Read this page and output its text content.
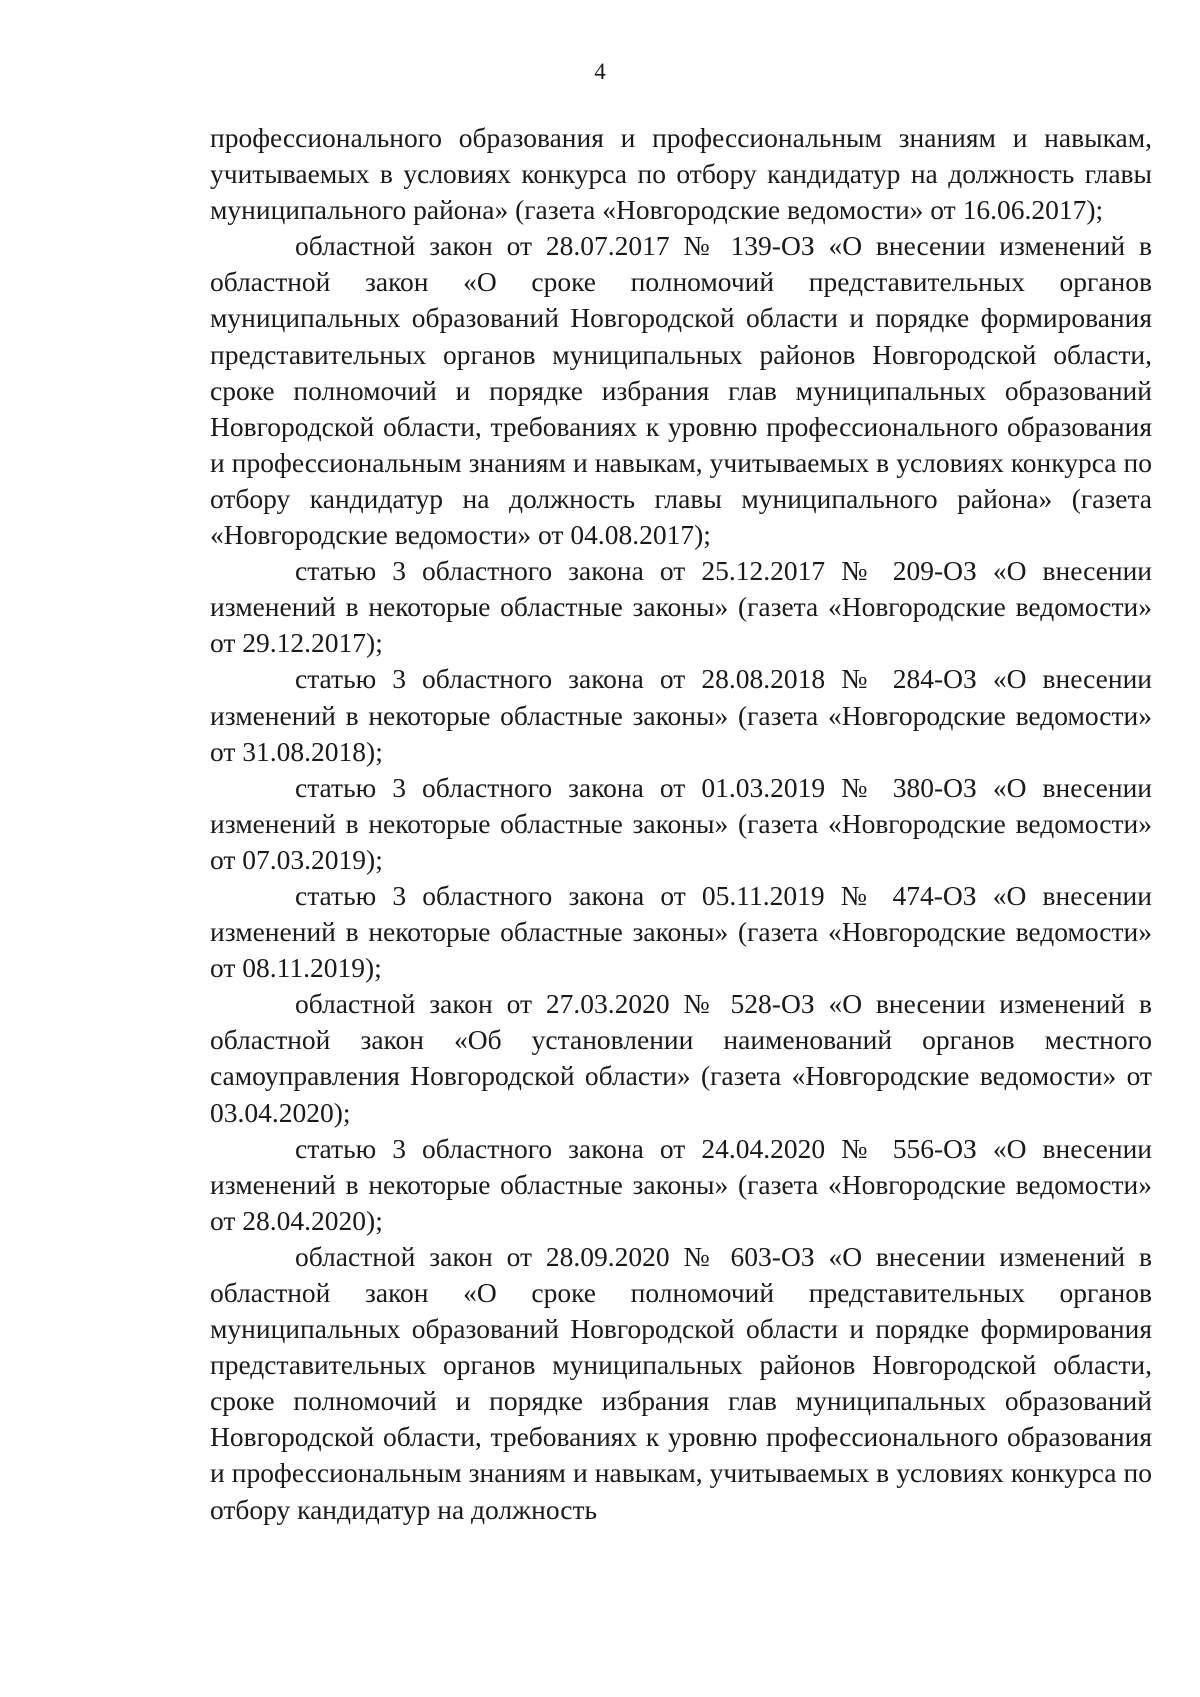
4

профессионального образования и профессиональным знаниям и навыкам, учитываемых в условиях конкурса по отбору кандидатур на должность главы муниципального района» (газета «Новгородские ведомости» от 16.06.2017);

областной закон от 28.07.2017 № 139-ОЗ «О внесении изменений в областной закон «О сроке полномочий представительных органов муниципальных образований Новгородской области и порядке формирования представительных органов муниципальных районов Новгородской области, сроке полномочий и порядке избрания глав муниципальных образований Новгородской области, требованиях к уровню профессионального образования и профессиональным знаниям и навыкам, учитываемых в условиях конкурса по отбору кандидатур на должность главы муниципального района» (газета «Новгородские ведомости» от 04.08.2017);

статью 3 областного закона от 25.12.2017 № 209-ОЗ «О внесении изменений в некоторые областные законы» (газета «Новгородские ведомости» от 29.12.2017);

статью 3 областного закона от 28.08.2018 № 284-ОЗ «О внесении изменений в некоторые областные законы» (газета «Новгородские ведомости» от 31.08.2018);

статью 3 областного закона от 01.03.2019 № 380-ОЗ «О внесении изменений в некоторые областные законы» (газета «Новгородские ведомости» от 07.03.2019);

статью 3 областного закона от 05.11.2019 № 474-ОЗ «О внесении изменений в некоторые областные законы» (газета «Новгородские ведомости» от 08.11.2019);

областной закон от 27.03.2020 № 528-ОЗ «О внесении изменений в областной закон «Об установлении наименований органов местного самоуправления Новгородской области» (газета «Новгородские ведомости» от 03.04.2020);

статью 3 областного закона от 24.04.2020 № 556-ОЗ «О внесении изменений в некоторые областные законы» (газета «Новгородские ведомости» от 28.04.2020);

областной закон от 28.09.2020 № 603-ОЗ «О внесении изменений в областной закон «О сроке полномочий представительных органов муниципальных образований Новгородской области и порядке формирования представительных органов муниципальных районов Новгородской области, сроке полномочий и порядке избрания глав муниципальных образований Новгородской области, требованиях к уровню профессионального образования и профессиональным знаниям и навыкам, учитываемых в условиях конкурса по отбору кандидатур на должность
